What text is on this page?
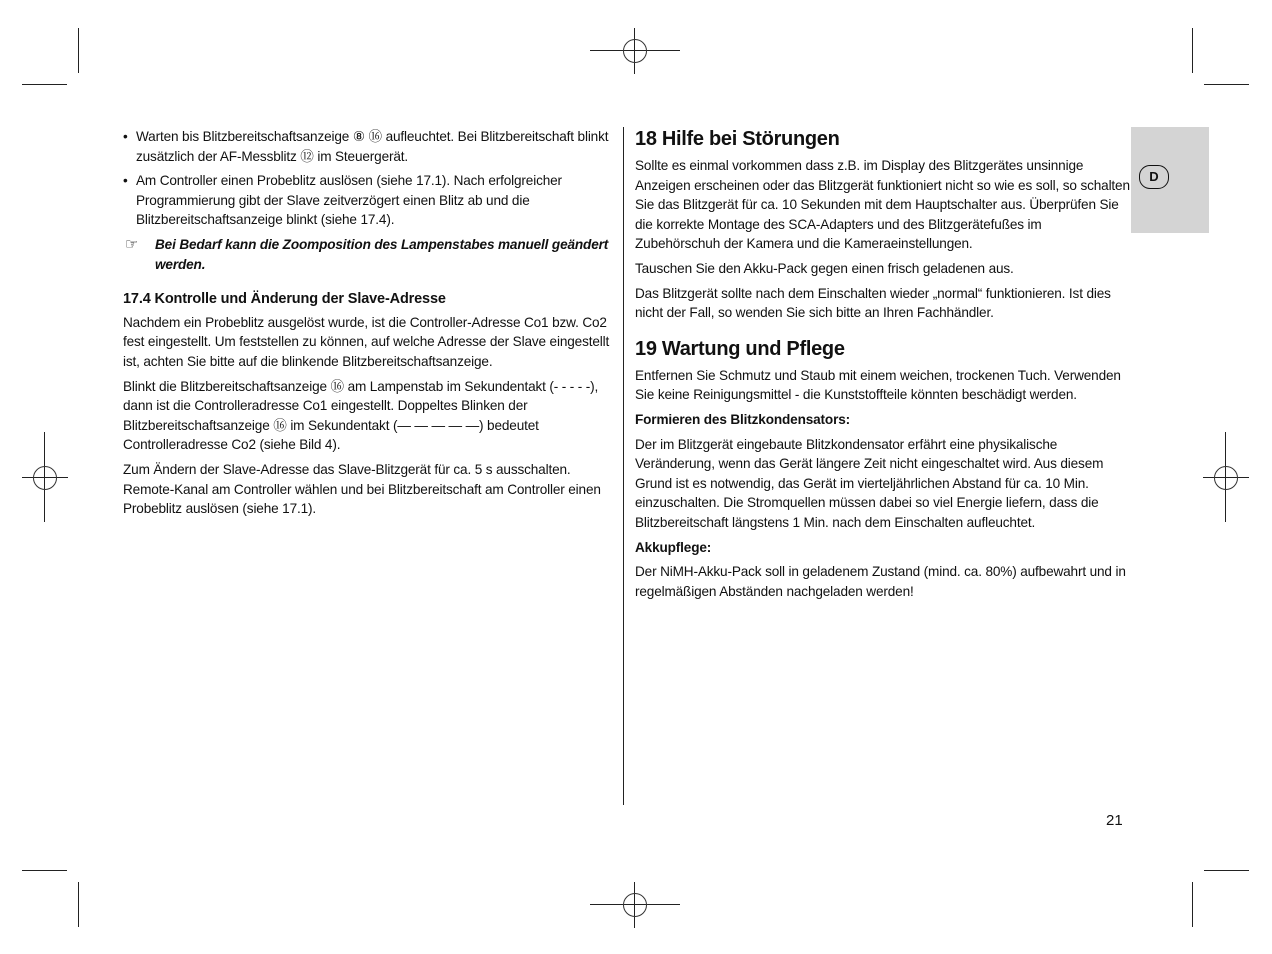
• Warten bis Blitzbereitschaftsanzeige ⑧ ⑯ aufleuchtet. Bei Blitzbereitschaft blinkt zusätzlich der AF-Messblitz ⑫ im Steuergerät.
• Am Controller einen Probeblitz auslösen (siehe 17.1). Nach erfolgreicher Programmierung gibt der Slave zeitverzögert einen Blitz ab und die Blitzbereitschaftsanzeige blinkt (siehe 17.4).
☞ Bei Bedarf kann die Zoomposition des Lampenstabes manuell geändert werden.
17.4 Kontrolle und Änderung der Slave-Adresse

Nachdem ein Probeblitz ausgelöst wurde, ist die Controller-Adresse Co1 bzw. Co2 fest eingestellt. Um feststellen zu können, auf welche Adresse der Slave eingestellt ist, achten Sie bitte auf die blinkende Blitzbereitschaftsanzeige.

Blinkt die Blitzbereitschaftsanzeige ⑯ am Lampenstab im Sekundentakt (- - - - -), dann ist die Controlleradresse Co1 eingestellt. Doppeltes Blinken der Blitzbereitschaftsanzeige ⑯ im Sekundentakt (— — — — —) bedeutet Controlleradresse Co2 (siehe Bild 4).

Zum Ändern der Slave-Adresse das Slave-Blitzgerät für ca. 5 s ausschalten. Remote-Kanal am Controller wählen und bei Blitzbereitschaft am Controller einen Probeblitz auslösen (siehe 17.1).

18 Hilfe bei Störungen

Sollte es einmal vorkommen dass z.B. im Display des Blitzgerätes unsinnige Anzeigen erscheinen oder das Blitzgerät funktioniert nicht so wie es soll, so schalten Sie das Blitzgerät für ca. 10 Sekunden mit dem Hauptschalter aus. Überprüfen Sie die korrekte Montage des SCA-Adapters und des Blitzgerätefußes im Zubehörschuh der Kamera und die Kameraeinstellungen.

Tauschen Sie den Akku-Pack gegen einen frisch geladenen aus.

Das Blitzgerät sollte nach dem Einschalten wieder „normal“ funktionieren. Ist dies nicht der Fall, so wenden Sie sich bitte an Ihren Fachhändler.

19 Wartung und Pflege

Entfernen Sie Schmutz und Staub mit einem weichen, trockenen Tuch. Verwenden Sie keine Reinigungsmittel - die Kunststoffteile könnten beschädigt werden.

Formieren des Blitzkondensators:

Der im Blitzgerät eingebaute Blitzkondensator erfährt eine physikalische Veränderung, wenn das Gerät längere Zeit nicht eingeschaltet wird. Aus diesem Grund ist es notwendig, das Gerät im vierteljährlichen Abstand für ca. 10 Min. einzuschalten. Die Stromquellen müssen dabei so viel Energie liefern, dass die Blitzbereitschaft längstens 1 Min. nach dem Einschalten aufleuchtet.

Akkupflege:

Der NiMH-Akku-Pack soll in geladenem Zustand (mind. ca. 80%) aufbewahrt und in regelmäßigen Abständen nachgeladen werden!

D
21
